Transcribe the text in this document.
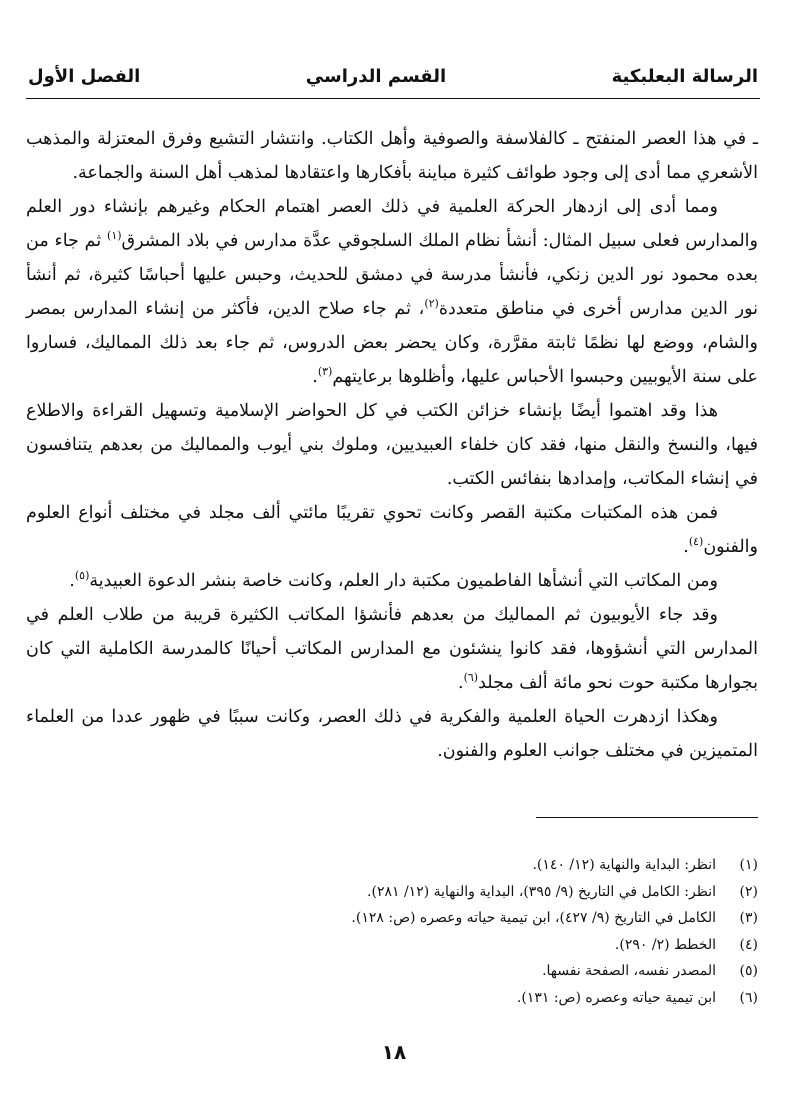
الرسالة البعلبكية
القسم الدراسي
الفصل الأول

ـ في هذا العصر المنفتح ـ كالفلاسفة والصوفية وأهل الكتاب. وانتشار التشيع وفرق المعتزلة والمذهب الأشعري مما أدى إلى وجود طوائف كثيرة مباينة بأفكارها واعتقادها لمذهب أهل السنة والجماعة.

ومما أدى إلى ازدهار الحركة العلمية في ذلك العصر اهتمام الحكام وغيرهم بإنشاء دور العلم والمدارس فعلى سبيل المثال: أنشأ نظام الملك السلجوقي عدَّة مدارس في بلاد المشرق$^{(١)}$ ثم جاء من بعده محمود نور الدين زنكي، فأنشأ مدرسة في دمشق للحديث، وحبس عليها أحباسًا كثيرة، ثم أنشأ نور الدين مدارس أخرى في مناطق متعددة$^{(٢)}$، ثم جاء صلاح الدين، فأكثر من إنشاء المدارس بمصر والشام، ووضع لها نظمًا ثابتة مقرَّرة، وكان يحضر بعض الدروس، ثم جاء بعد ذلك المماليك، فساروا على سنة الأيوبيين وحبسوا الأحباس عليها، وأظلوها برعايتهم$^{(٣)}$.

هذا وقد اهتموا أيضًا بإنشاء خزائن الكتب في كل الحواضر الإسلامية وتسهيل القراءة والاطلاع فيها، والنسخ والنقل منها، فقد كان خلفاء العبيديين، وملوك بني أيوب والمماليك من بعدهم يتنافسون في إنشاء المكاتب، وإمدادها بنفائس الكتب.

فمن هذه المكتبات مكتبة القصر وكانت تحوي تقريبًا مائتي ألف مجلد في مختلف أنواع العلوم والفنون$^{(٤)}$.

ومن المكاتب التي أنشأها الفاطميون مكتبة دار العلم، وكانت خاصة بنشر الدعوة العبيدية$^{(٥)}$.

وقد جاء الأيوبيون ثم المماليك من بعدهم فأنشؤا المكاتب الكثيرة قريبة من طلاب العلم في المدارس التي أنشؤوها، فقد كانوا ينشئون مع المدارس المكاتب أحيانًا كالمدرسة الكاملية التي كان بجوارها مكتبة حوت نحو مائة ألف مجلد$^{(٦)}$.

وهكذا ازدهرت الحياة العلمية والفكرية في ذلك العصر، وكانت سببًا في ظهور عددا من العلماء المتميزين في مختلف جوانب العلوم والفنون.

(١)
انظر: البداية والنهاية (١٢/ ١٤٠).
(٢)
انظر: الكامل في التاريخ (٩/ ٣٩٥)، البداية والنهاية (١٢/ ٢٨١).
(٣)
الكامل في التاريخ (٩/ ٤٢٧)، ابن تيمية حياته وعصره (ص: ١٢٨).
(٤)
الخطط (٢/ ٢٩٠).
(٥)
المصدر نفسه، الصفحة نفسها.
(٦)
ابن تيمية حياته وعصره (ص: ١٣١).
١٨
